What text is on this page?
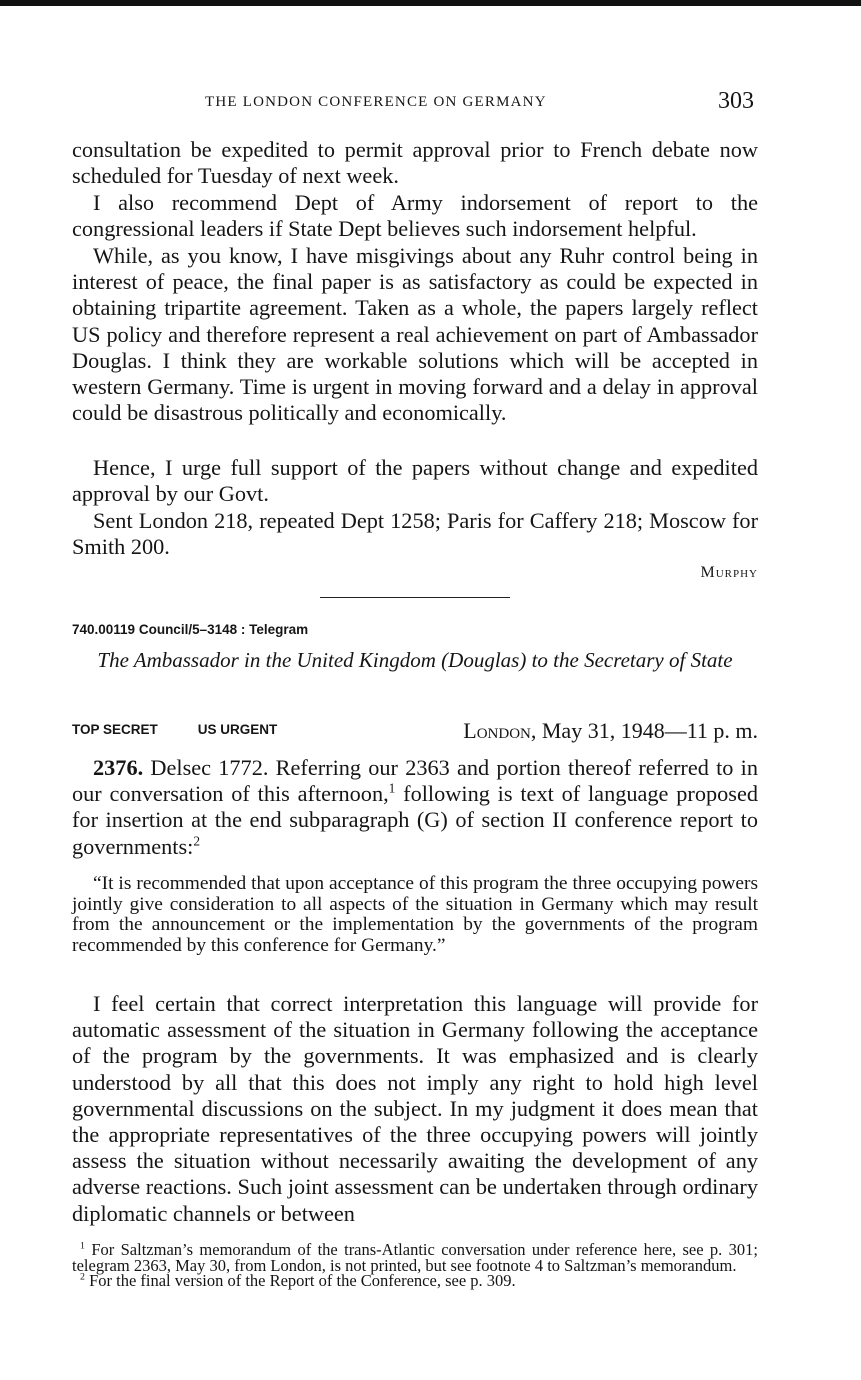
THE LONDON CONFERENCE ON GERMANY	303

consultation be expedited to permit approval prior to French debate now scheduled for Tuesday of next week.

I also recommend Dept of Army indorsement of report to the congressional leaders if State Dept believes such indorsement helpful.

While, as you know, I have misgivings about any Ruhr control being in interest of peace, the final paper is as satisfactory as could be expected in obtaining tripartite agreement. Taken as a whole, the papers largely reflect US policy and therefore represent a real achievement on part of Ambassador Douglas. I think they are workable solutions which will be accepted in western Germany. Time is urgent in moving forward and a delay in approval could be disastrous politically and economically.

Hence, I urge full support of the papers without change and expedited approval by our Govt.

Sent London 218, repeated Dept 1258; Paris for Caffery 218; Moscow for Smith 200.

Murphy
740.00119 Council/5–3148 : Telegram

The Ambassador in the United Kingdom (Douglas) to the Secretary of State

TOP SECRET	US URGENT	London, May 31, 1948—11 p. m.

2376. Delsec 1772. Referring our 2363 and portion thereof referred to in our conversation of this afternoon,$^1$ following is text of language proposed for insertion at the end subparagraph (G) of section II conference report to governments:$^2$

“It is recommended that upon acceptance of this program the three occupying powers jointly give consideration to all aspects of the situation in Germany which may result from the announcement or the implementation by the governments of the program recommended by this conference for Germany.”

I feel certain that correct interpretation this language will provide for automatic assessment of the situation in Germany following the acceptance of the program by the governments. It was emphasized and is clearly understood by all that this does not imply any right to hold high level governmental discussions on the subject. In my judgment it does mean that the appropriate representatives of the three occupying powers will jointly assess the situation without necessarily awaiting the development of any adverse reactions. Such joint assessment can be undertaken through ordinary diplomatic channels or between

$^1$ For Saltzman’s memorandum of the trans-Atlantic conversation under reference here, see p. 301; telegram 2363, May 30, from London, is not printed, but see footnote 4 to Saltzman’s memorandum.

$^2$ For the final version of the Report of the Conference, see p. 309.
